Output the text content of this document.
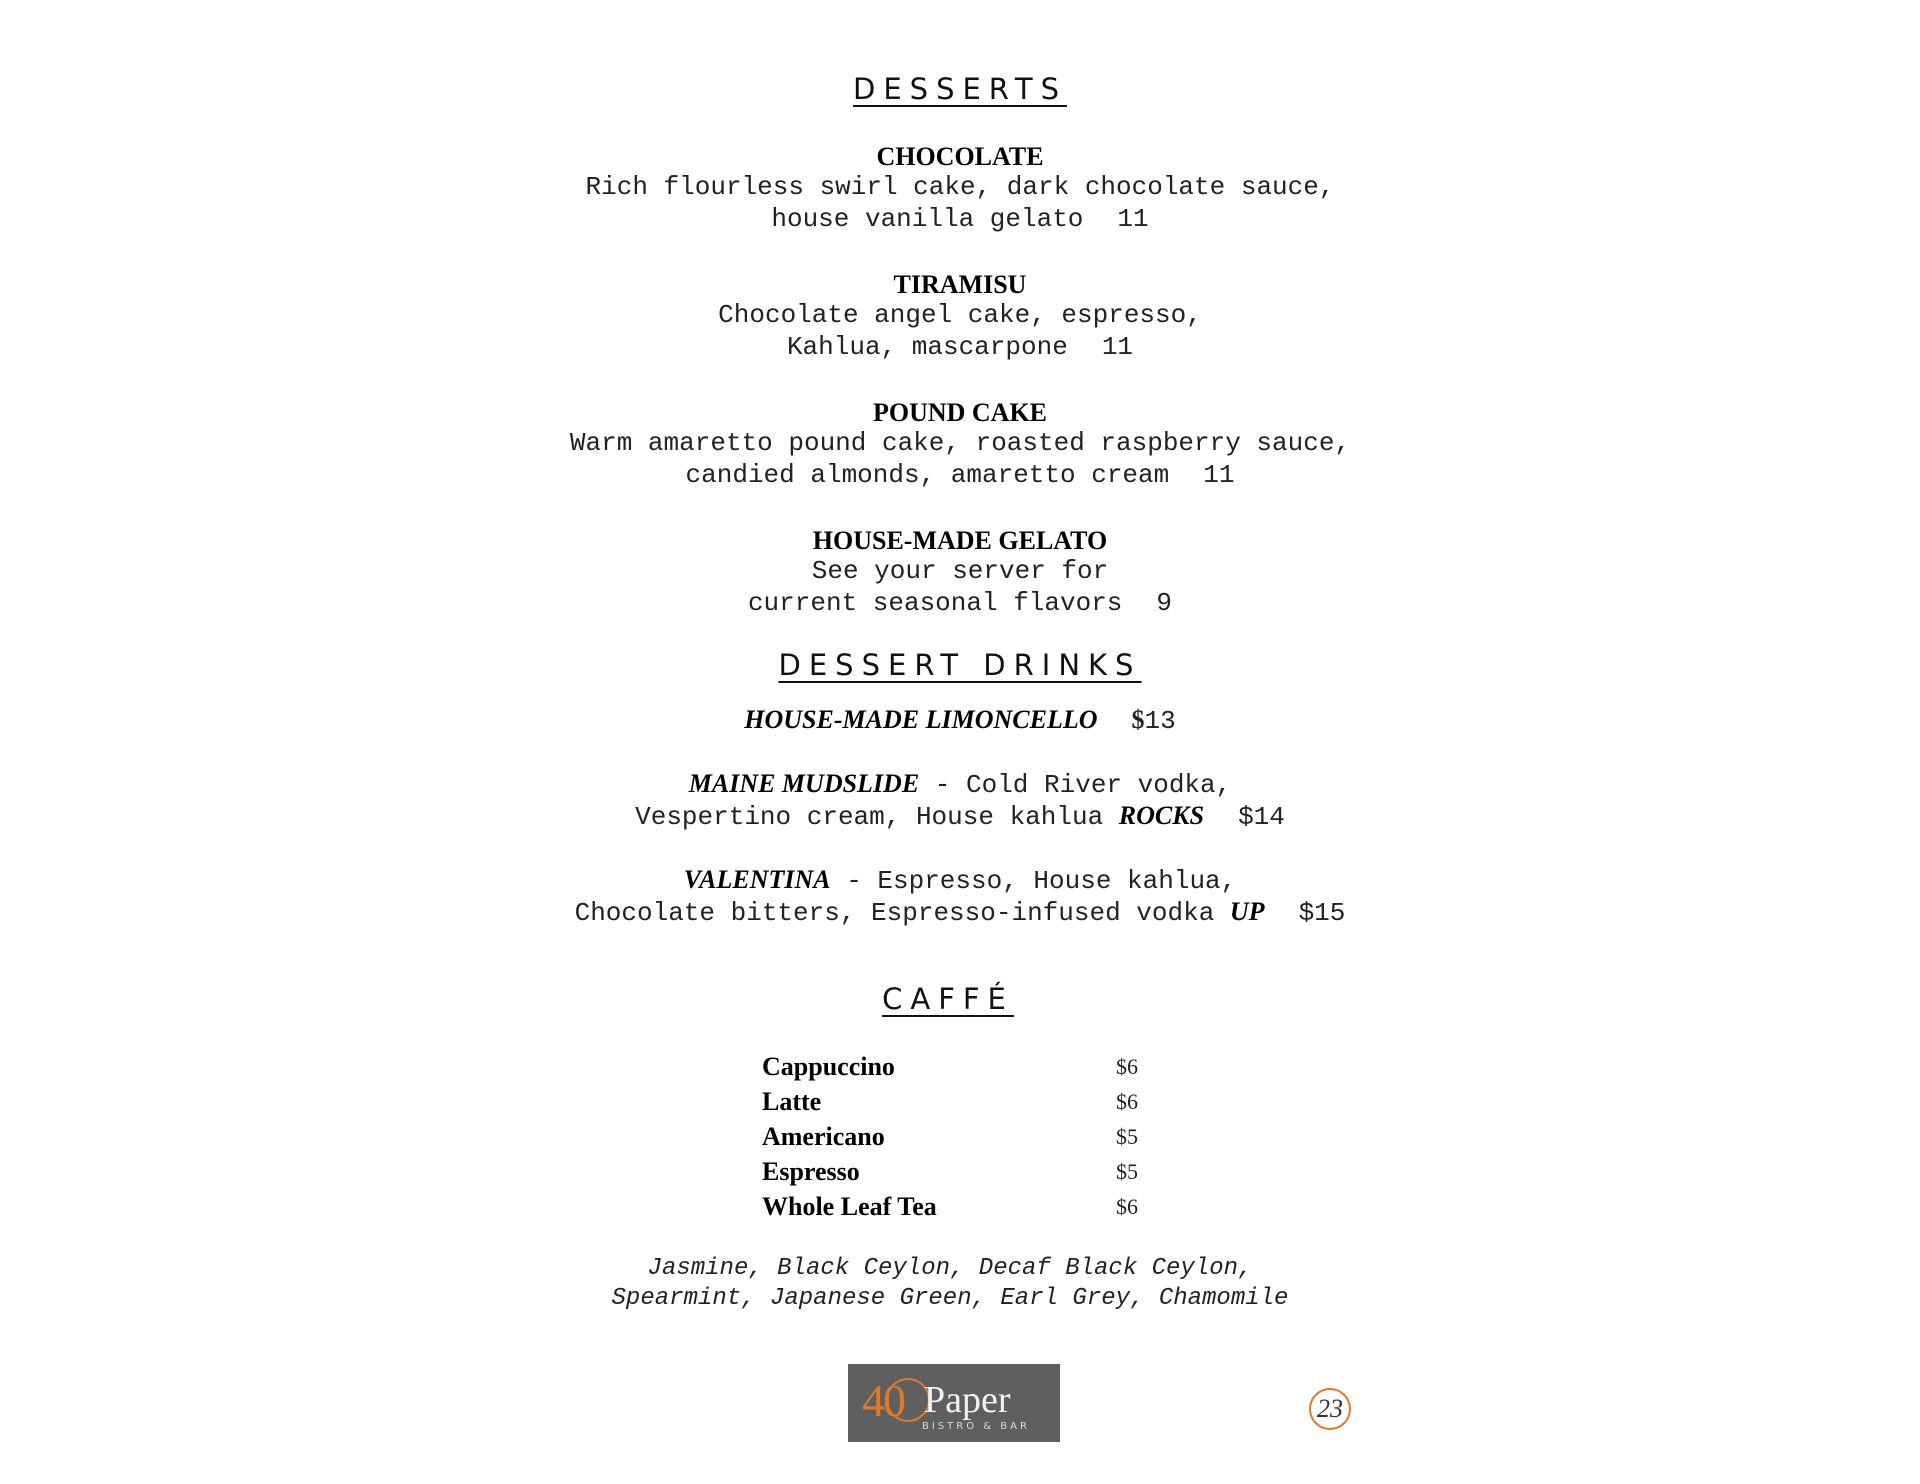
DESSERTS
CHOCOLATE
Rich flourless swirl cake, dark chocolate sauce,
house vanilla gelato 11
TIRAMISU
Chocolate angel cake, espresso,
Kahlua, mascarpone 11
POUND CAKE
Warm amaretto pound cake, roasted raspberry sauce,
candied almonds, amaretto cream 11
HOUSE-MADE GELATO
See your server for
current seasonal flavors 9
DESSERT DRINKS
HOUSE-MADE LIMONCELLO $13
MAINE MUDSLIDE - Cold River vodka,
Vespertino cream, House kahlua ROCKS $14
VALENTINA - Espresso, House kahlua,
Chocolate bitters, Espresso-infused vodka UP $15
CAFFÉ
Cappuccino	$6
Latte	$6
Americano	$5
Espresso	$5
Whole Leaf Tea	$6
Jasmine, Black Ceylon, Decaf Black Ceylon,
Spearmint, Japanese Green, Earl Grey, Chamomile
40 Paper
BISTRO & BAR
23
